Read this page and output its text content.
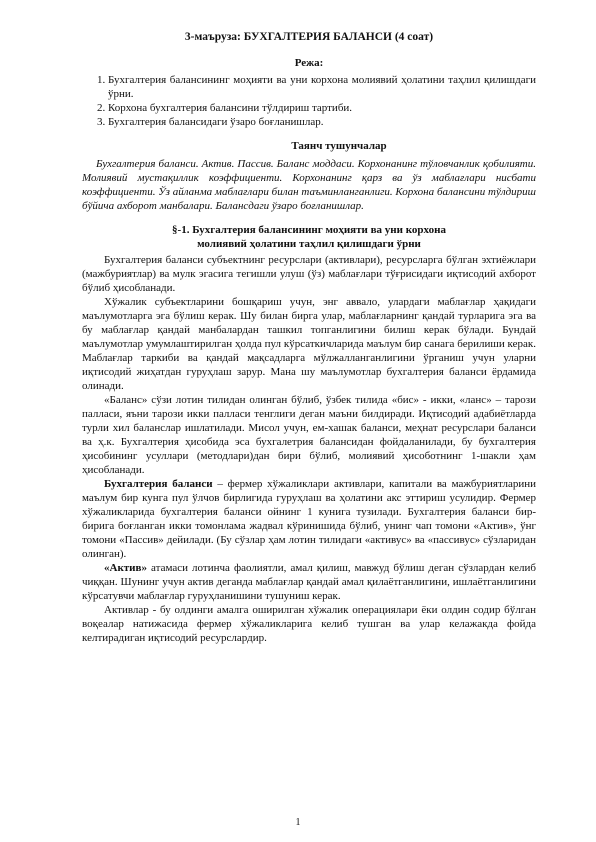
3-маъруза: БУХГАЛТЕРИЯ БАЛАНСИ (4 соат)
Режа:
1. Бухгалтерия балансининг моҳияти ва уни корхона молиявий ҳолатини таҳлил қилишдаги ўрни.
2. Корхона бухгалтерия балансини тўлдириш тартиби.
3. Бухгалтерия балансидаги ўзаро боғланишлар.
Таянч тушунчалар

Бухгалтерия баланси. Актив. Пассив. Баланс моддаси. Корхонанинг тўловчанлик қобилияти. Молиявий мустақиллик коэффициенти. Корхонанинг қарз ва ўз маблағлари нисбати коэффициенти. Ўз айланма маблағлари билан таъминланганлиги. Корхона балансини тўлдириш бўйича ахборот манбалари. Балансдаги ўзаро боғланишлар.

§-1. Бухгалтерия балансининг моҳияти ва уни корхона
молиявий ҳолатини таҳлил қилишдаги ўрни

Бухгалтерия баланси субъектнинг ресурслари (активлари), ресурсларга бўлган эхтиёжлари (мажбуриятлар) ва мулк эгасига тегишли улуш (ўз) маблағлари тўғрисидаги иқтисодий ахборот бўлиб ҳисобланади.

Хўжалик субъектларини бошқариш учун, энг аввало, улардаги маблағлар ҳақидаги маълумотларга эга бўлиш керак. Шу билан бирга улар, маблағларнинг қандай турларига эга ва бу маблағлар қандай манбалардан ташкил топганлигини билиш керак бўлади. Бундай маълумотлар умумлаштирилган ҳолда пул кўрсаткичларида маълум бир санага берилиши керак. Маблағлар таркиби ва қандай мақсадларга мўлжалланганлигини ўрганиш учун уларни иқтисодий жиҳатдан гуруҳлаш зарур. Мана шу маълумотлар бухгалтерия баланси ёрдамида олинади.

«Баланс» сўзи лотин тилидан олинган бўлиб, ўзбек тилида «бис» - икки, «ланс» – тарози палласи, яъни тарози икки палласи тенглиги деган маъни билдиради. Иқтисодий адабиётларда турли хил баланслар ишлатилади. Мисол учун, ем-хашак баланси, меҳнат ресурслари баланси ва ҳ.к. Бухгалтерия ҳисобида эса бухгалетрия балансидан фойдаланилади, бу бухгалтерия ҳисобининг усуллари (методлари)дан бири бўлиб, молиявий ҳисоботнинг 1-шакли ҳам ҳисобланади.

Бухгалтерия баланси – фермер хўжаликлари активлари, капитали ва мажбуриятларини маълум бир кунга пул ўлчов бирлигида гуруҳлаш ва ҳолатини акс эттириш усулидир. Фермер хўжаликларида бухгалтерия баланси ойнинг 1 кунига тузилади. Бухгалтерия баланси бир-бирига боғланган икки томонлама жадвал кўринишида бўлиб, унинг чап томони «Актив», ўнг томони «Пассив» дейилади. (Бу сўзлар ҳам лотин тилидаги «активус» ва «пассивус» сўзларидан олинган).

«Актив» атамаси лотинча фаолиятли, амал қилиш, мавжуд бўлиш деган сўзлардан келиб чиққан. Шунинг учун актив деганда маблағлар қандай амал қилаётганлигини, ишлаётганлигини кўрсатувчи маблағлар гуруҳланишини тушуниш керак.

Активлар - бу олдинги амалга оширилган хўжалик операциялари ёки олдин содир бўлган воқеалар натижасида фермер хўжаликларига келиб тушган ва улар келажакда фойда келтирадиган иқтисодий ресурслардир.

1
